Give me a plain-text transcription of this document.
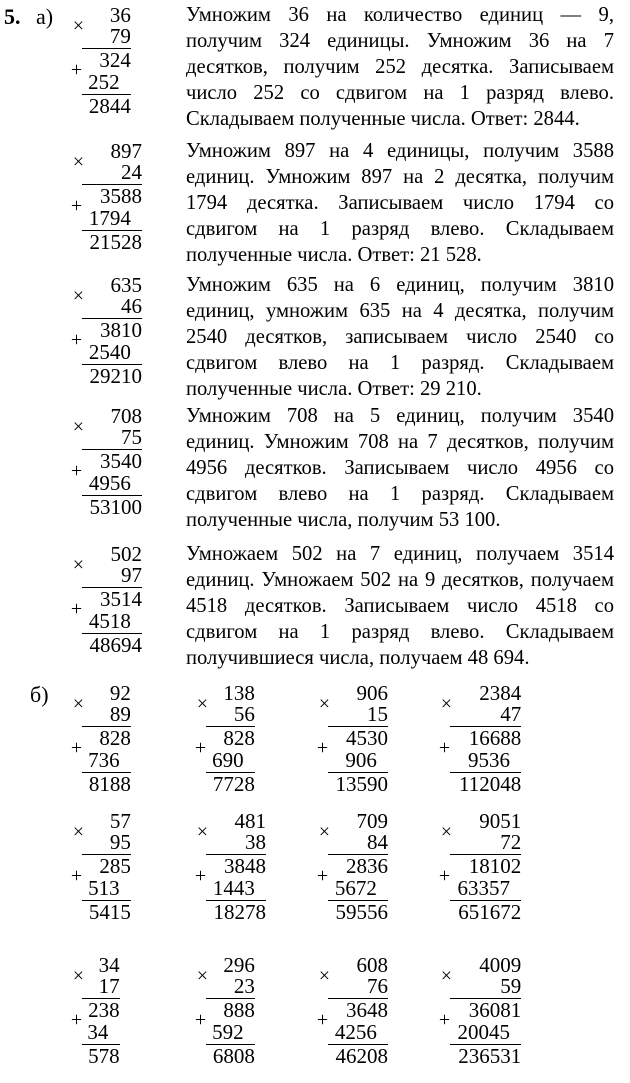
5. а)
б)
36
79
324
252
2844
×
+
Умножим 36 на количество единиц — 9, получим 324 единицы. Умножим 36 на 7 десятков, получим 252 десятка. Записываем число 252 со сдвигом на 1 разряд влево. Складываем полученные числа. Ответ: 2844.
897
24
3588
1794
21528
×
+
Умножим 897 на 4 единицы, получим 3588 единиц. Умножим 897 на 2 десятка, получим 1794 десятка. Записываем число 1794 со сдвигом на 1 разряд влево. Складываем полученные числа. Ответ: 21 528.
635
46
3810
2540
29210
×
+
Умножим 635 на 6 единиц, получим 3810 единиц, умножим 635 на 4 десятка, получим 2540 десятков, записываем число 2540 со сдвигом влево на 1 разряд. Складываем полученные числа. Ответ: 29 210.
708
75
3540
4956
53100
×
+
Умножим 708 на 5 единиц, получим 3540 единиц. Умножим 708 на 7 десятков, получим 4956 десятков. Записываем число 4956 со сдвигом влево на 1 разряд. Складываем полученные числа, получим 53 100.
502
97
3514
4518
48694
×
+
Умножаем 502 на 7 единиц, получаем 3514 единиц. Умножаем 502 на 9 десятков, получаем 4518 десятков. Записываем число 4518 со сдвигом на 1 разряд влево. Складываем получившиеся числа, получаем 48 694.
92
89
828
736
8188
×
+
138
56
828
690
7728
×
+
906
15
4530
906
13590
×
+
2384
47
16688
9536
112048
×
+
57
95
285
513
5415
×
+
481
38
3848
1443
18278
×
+
709
84
2836
5672
59556
×
+
9051
72
18102
63357
651672
×
+
34
17
238
34
578
×
+
296
23
888
592
6808
×
+
608
76
3648
4256
46208
×
+
4009
59
36081
20045
236531
×
+
